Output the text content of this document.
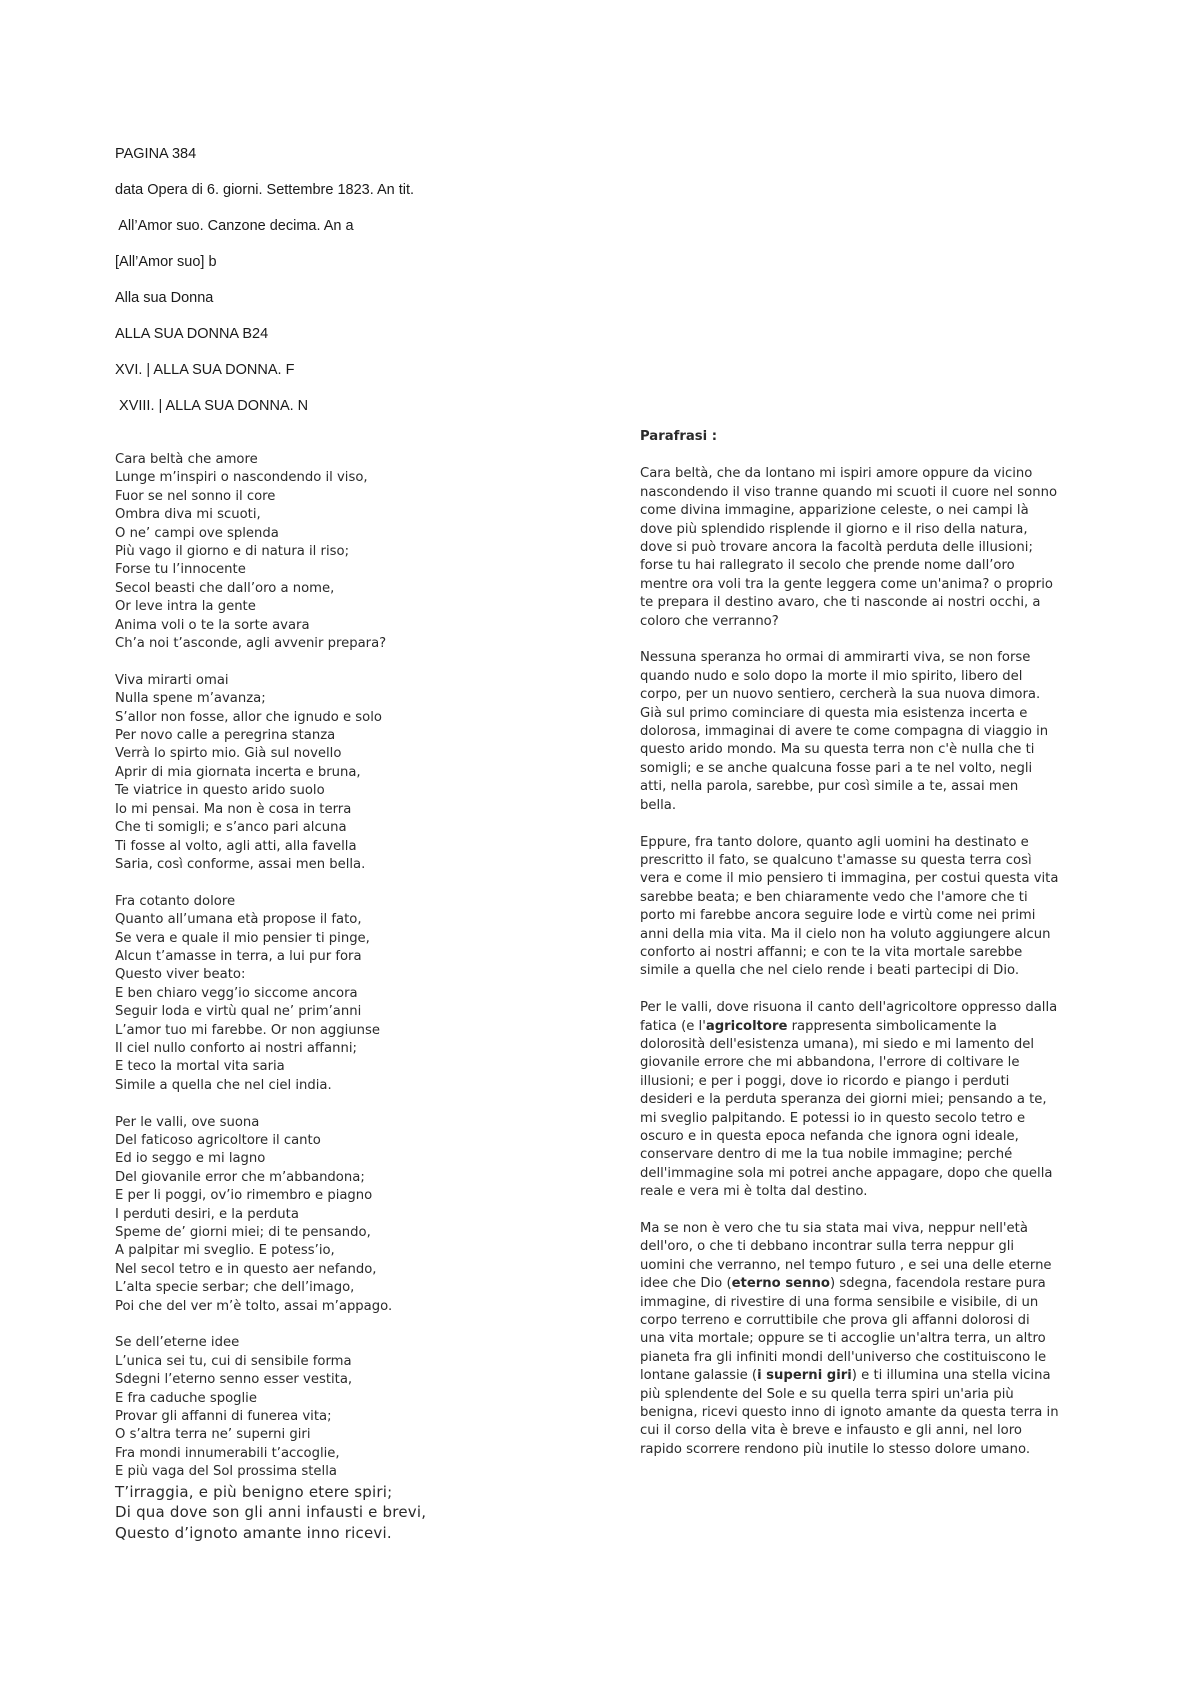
PAGINA 384
data Opera di 6. giorni. Settembre 1823. An tit.
All’Amor suo. Canzone decima. An a
[All’Amor suo] b
Alla sua Donna
ALLA SUA DONNA B24
XVI. | ALLA SUA DONNA. F
XVIII. | ALLA SUA DONNA. N
Cara beltà che amore
Lunge m’inspiri o nascondendo il viso,
Fuor se nel sonno il core
Ombra diva mi scuoti,
O ne’ campi ove splenda
Più vago il giorno e di natura il riso;
Forse tu l’innocente
Secol beasti che dall’oro a nome,
Or leve intra la gente
Anima voli o te la sorte avara
Ch’a noi t’asconde, agli avvenir prepara?
Viva mirarti omai
Nulla spene m’avanza;
S’allor non fosse, allor che ignudo e solo
Per novo calle a peregrina stanza
Verrà lo spirto mio. Già sul novello
Aprir di mia giornata incerta e bruna,
Te viatrice in questo arido suolo
Io mi pensai. Ma non è cosa in terra
Che ti somigli; e s’anco pari alcuna
Ti fosse al volto, agli atti, alla favella
Saria, così conforme, assai men bella.
Fra cotanto dolore
Quanto all’umana età propose il fato,
Se vera e quale il mio pensier ti pinge,
Alcun t’amasse in terra, a lui pur fora
Questo viver beato:
E ben chiaro vegg’io siccome ancora
Seguir loda e virtù qual ne’ prim’anni
L’amor tuo mi farebbe. Or non aggiunse
Il ciel nullo conforto ai nostri affanni;
E teco la mortal vita saria
Simile a quella che nel ciel india.
Per le valli, ove suona
Del faticoso agricoltore il canto
Ed io seggo e mi lagno
Del giovanile error che m’abbandona;
E per li poggi, ov’io rimembro e piagno
I perduti desiri, e la perduta
Speme de’ giorni miei; di te pensando,
A palpitar mi sveglio. E potess’io,
Nel secol tetro e in questo aer nefando,
L’alta specie serbar; che dell’imago,
Poi che del ver m’è tolto, assai m’appago.
Se dell’eterne idee
L’unica sei tu, cui di sensibile forma
Sdegni l’eterno senno esser vestita,
E fra caduche spoglie
Provar gli affanni di funerea vita;
O s’altra terra ne’ superni giri
Fra mondi innumerabili t’accoglie,
E più vaga del Sol prossima stella
T’irraggia, e più benigno etere spiri;
Di qua dove son gli anni infausti e brevi,
Questo d’ignoto amante inno ricevi.
Parafrasi :
Cara beltà, che da lontano mi ispiri amore oppure da vicino
nascondendo il viso tranne quando mi scuoti il cuore nel sonno
come divina immagine, apparizione celeste, o nei campi là
dove più splendido risplende il giorno e il riso della natura,
dove si può trovare ancora la facoltà perduta delle illusioni;
forse tu hai rallegrato il secolo che prende nome dall’oro
mentre ora voli tra la gente leggera come un'anima? o proprio
te prepara il destino avaro, che ti nasconde ai nostri occhi, a
coloro che verranno?
Nessuna speranza ho ormai di ammirarti viva, se non forse
quando nudo e solo dopo la morte il mio spirito, libero del
corpo, per un nuovo sentiero, cercherà la sua nuova dimora.
Già sul primo cominciare di questa mia esistenza incerta e
dolorosa, immaginai di avere te come compagna di viaggio in
questo arido mondo. Ma su questa terra non c'è nulla che ti
somigli; e se anche qualcuna fosse pari a te nel volto, negli
atti, nella parola, sarebbe, pur così simile a te, assai men
bella.
Eppure, fra tanto dolore, quanto agli uomini ha destinato e
prescritto il fato, se qualcuno t'amasse su questa terra così
vera e come il mio pensiero ti immagina, per costui questa vita
sarebbe beata; e ben chiaramente vedo che l'amore che ti
porto mi farebbe ancora seguire lode e virtù come nei primi
anni della mia vita. Ma il cielo non ha voluto aggiungere alcun
conforto ai nostri affanni; e con te la vita mortale sarebbe
simile a quella che nel cielo rende i beati partecipi di Dio.
Per le valli, dove risuona il canto dell'agricoltore oppresso dalla
fatica (e l'agricoltore rappresenta simbolicamente la
dolorosità dell'esistenza umana), mi siedo e mi lamento del
giovanile errore che mi abbandona, l'errore di coltivare le
illusioni; e per i poggi, dove io ricordo e piango i perduti
desideri e la perduta speranza dei giorni miei; pensando a te,
mi sveglio palpitando. E potessi io in questo secolo tetro e
oscuro e in questa epoca nefanda che ignora ogni ideale,
conservare dentro di me la tua nobile immagine; perché
dell'immagine sola mi potrei anche appagare, dopo che quella
reale e vera mi è tolta dal destino.
Ma se non è vero che tu sia stata mai viva, neppur nell'età
dell'oro, o che ti debbano incontrar sulla terra neppur gli
uomini che verranno, nel tempo futuro , e sei una delle eterne
idee che Dio (eterno senno) sdegna, facendola restare pura
immagine, di rivestire di una forma sensibile e visibile, di un
corpo terreno e corruttibile che prova gli affanni dolorosi di
una vita mortale; oppure se ti accoglie un'altra terra, un altro
pianeta fra gli infiniti mondi dell'universo che costituiscono le
lontane galassie (i superni giri) e ti illumina una stella vicina
più splendente del Sole e su quella terra spiri un'aria più
benigna, ricevi questo inno di ignoto amante da questa terra in
cui il corso della vita è breve e infausto e gli anni, nel loro
rapido scorrere rendono più inutile lo stesso dolore umano.
